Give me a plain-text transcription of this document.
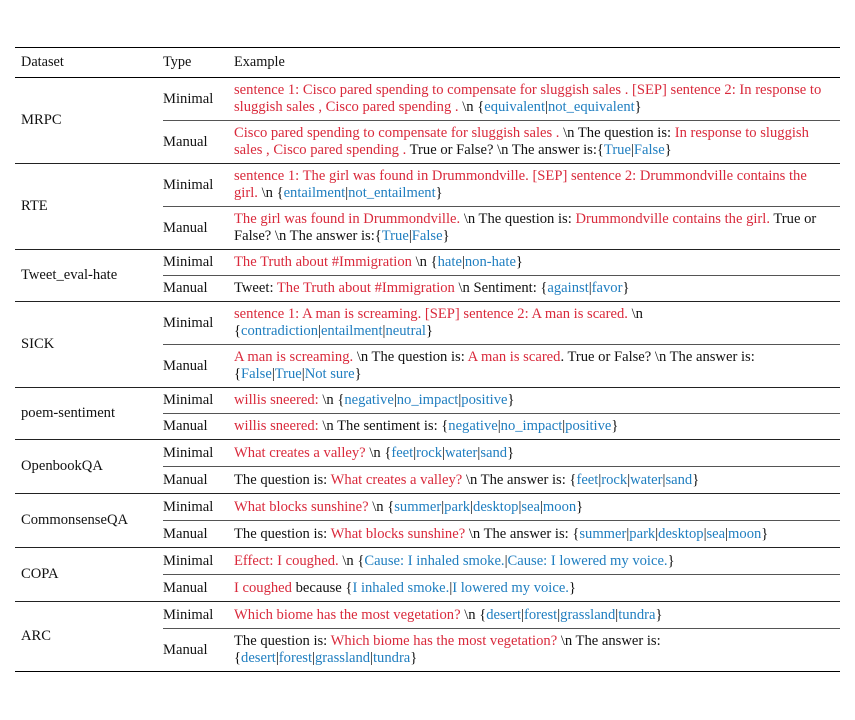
Dataset	Type	Example
MRPC	Minimal	sentence 1: Cisco pared spending to compensate for sluggish sales . [SEP] sentence 2: In response to sluggish sales , Cisco pared spending . \n {equivalent|not_equivalent}
	Manual	Cisco pared spending to compensate for sluggish sales . \n The question is: In response to sluggish sales , Cisco pared spending . True or False? \n The answer is:{True|False}
RTE	Minimal	sentence 1: The girl was found in Drummondville. [SEP] sentence 2: Drummondville contains the girl. \n {entailment|not_entailment}
	Manual	The girl was found in Drummondville. \n The question is: Drummondville contains the girl. True or False? \n The answer is:{True|False}
Tweet_eval-hate	Minimal	The Truth about #Immigration \n {hate|non-hate}
	Manual	Tweet: The Truth about #Immigration \n Sentiment: {against|favor}
SICK	Minimal	sentence 1: A man is screaming. [SEP] sentence 2: A man is scared. \n {contradiction|entailment|neutral}
	Manual	A man is screaming. \n The question is: A man is scared. True or False? \n The answer is: {False|True|Not sure}
poem-sentiment	Minimal	willis sneered: \n {negative|no_impact|positive}
	Manual	willis sneered: \n The sentiment is: {negative|no_impact|positive}
OpenbookQA	Minimal	What creates a valley? \n {feet|rock|water|sand}
	Manual	The question is: What creates a valley? \n The answer is: {feet|rock|water|sand}
CommonsenseQA	Minimal	What blocks sunshine? \n {summer|park|desktop|sea|moon}
	Manual	The question is: What blocks sunshine? \n The answer is: {summer|park|desktop|sea|moon}
COPA	Minimal	Effect: I coughed. \n {Cause: I inhaled smoke.|Cause: I lowered my voice.}
	Manual	I coughed because {I inhaled smoke.|I lowered my voice.}
ARC	Minimal	Which biome has the most vegetation? \n {desert|forest|grassland|tundra}
	Manual	The question is: Which biome has the most vegetation? \n The answer is: {desert|forest|grassland|tundra}
